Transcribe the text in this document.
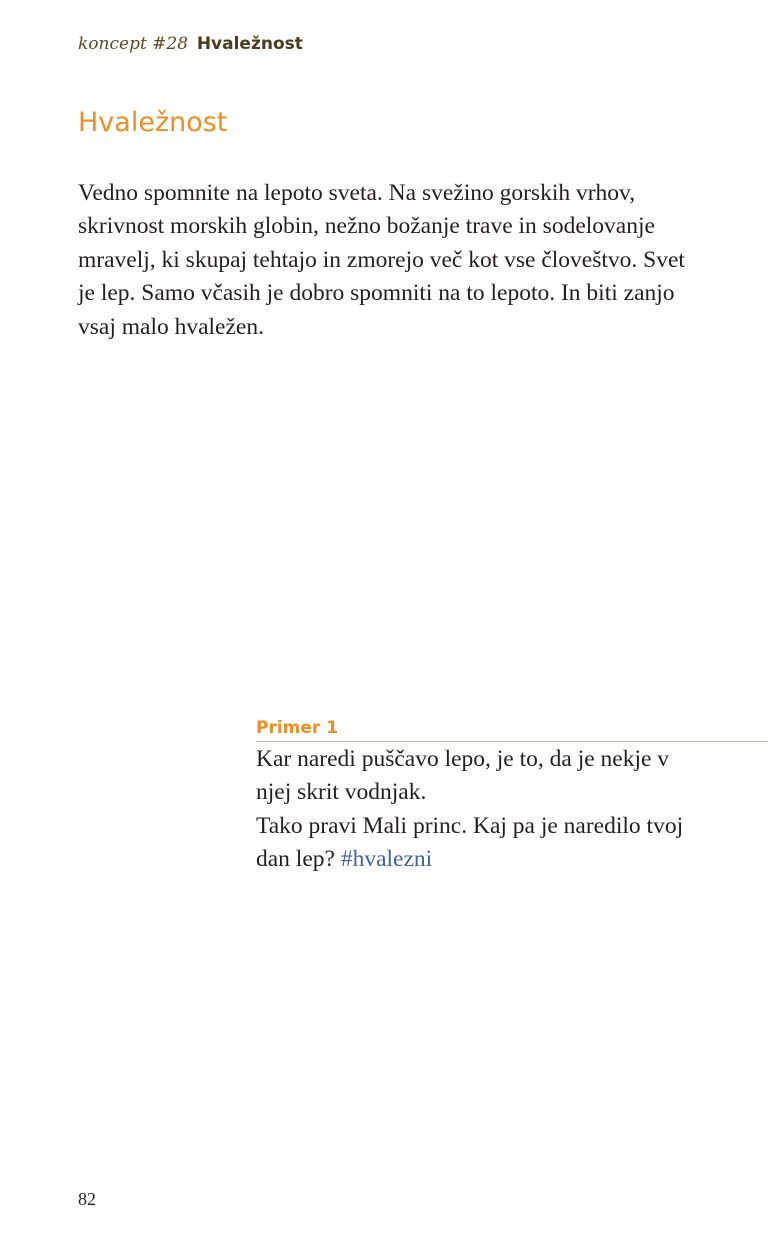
koncept #28 Hvaležnost
Hvaležnost

Vedno spomnite na lepoto sveta. Na svežino gorskih vrhov, skrivnost morskih globin, nežno božanje trave in sodelovanje mravelj, ki skupaj tehtajo in zmorejo več kot vse človeštvo. Svet je lep. Samo včasih je dobro spomniti na to lepoto. In biti zanjo vsaj malo hvaležen.

Primer 1

Kar naredi puščavo lepo, je to, da je nekje v njej skrit vodnjak.
Tako pravi Mali princ. Kaj pa je naredilo tvoj dan lep? #hvalezni

82
